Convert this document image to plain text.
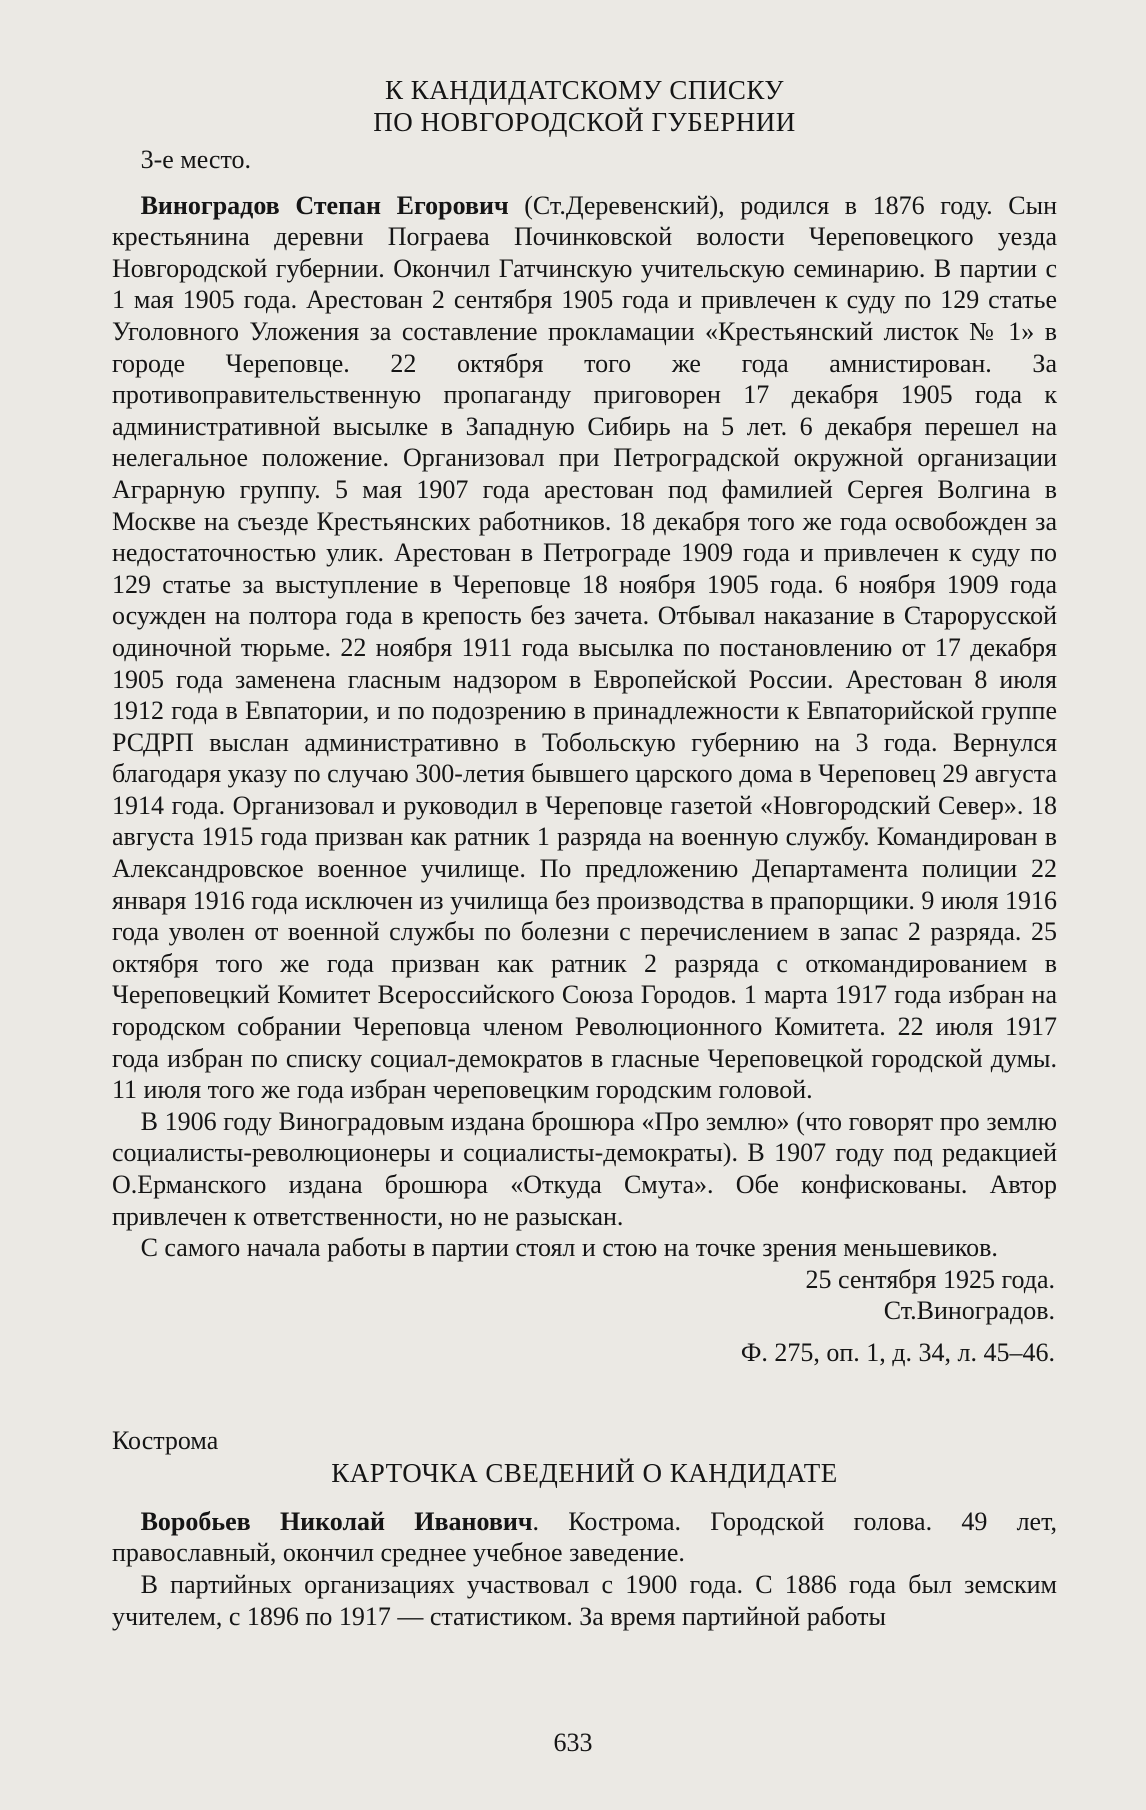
К КАНДИДАТСКОМУ СПИСКУ
ПО НОВГОРОДСКОЙ ГУБЕРНИИ

3-е место.

Виноградов Степан Егорович (Ст.Деревенский), родился в 1876 году. Сын крестьянина деревни Пограева Починковской волости Череповецкого уезда Новгородской губернии. Окончил Гатчинскую учительскую семинарию. В партии с 1 мая 1905 года. Арестован 2 сентября 1905 года и привлечен к суду по 129 статье Уголовного Уложения за составление прокламации «Крестьянский листок № 1» в городе Череповце. 22 октября того же года амнистирован. За противоправительственную пропаганду приговорен 17 декабря 1905 года к административной высылке в Западную Сибирь на 5 лет. 6 декабря перешел на нелегальное положение. Организовал при Петроградской окружной организации Аграрную группу. 5 мая 1907 года арестован под фамилией Сергея Волгина в Москве на съезде Крестьянских работников. 18 декабря того же года освобожден за недостаточностью улик. Арестован в Петрограде 1909 года и привлечен к суду по 129 статье за выступление в Череповце 18 ноября 1905 года. 6 ноября 1909 года осужден на полтора года в крепость без зачета. Отбывал наказание в Старорусской одиночной тюрьме. 22 ноября 1911 года высылка по постановлению от 17 декабря 1905 года заменена гласным надзором в Европейской России. Арестован 8 июля 1912 года в Евпатории, и по подозрению в принадлежности к Евпаторийской группе РСДРП выслан административно в Тобольскую губернию на 3 года. Вернулся благодаря указу по случаю 300-летия бывшего царского дома в Череповец 29 августа 1914 года. Организовал и руководил в Череповце газетой «Новгородский Север». 18 августа 1915 года призван как ратник 1 разряда на военную службу. Командирован в Александровское военное училище. По предложению Департамента полиции 22 января 1916 года исключен из училища без производства в прапорщики. 9 июля 1916 года уволен от военной службы по болезни с перечислением в запас 2 разряда. 25 октября того же года призван как ратник 2 разряда с откомандированием в Череповецкий Комитет Всероссийского Союза Городов. 1 марта 1917 года избран на городском собрании Череповца членом Революционного Комитета. 22 июля 1917 года избран по списку социал-демократов в гласные Череповецкой городской думы. 11 июля того же года избран череповецким городским головой.

В 1906 году Виноградовым издана брошюра «Про землю» (что говорят про землю социалисты-революционеры и социалисты-демократы). В 1907 году под редакцией О.Ерманского издана брошюра «Откуда Смута». Обе конфискованы. Автор привлечен к ответственности, но не разыскан.

С самого начала работы в партии стоял и стою на точке зрения меньшевиков.

25 сентября 1925 года.

Ст.Виноградов.

Ф. 275, оп. 1, д. 34, л. 45–46.

Кострома

КАРТОЧКА СВЕДЕНИЙ О КАНДИДАТЕ

Воробьев Николай Иванович. Кострома. Городской голова. 49 лет, православный, окончил среднее учебное заведение.

В партийных организациях участвовал с 1900 года. С 1886 года был земским учителем, с 1896 по 1917 — статистиком. За время партийной работы

633
